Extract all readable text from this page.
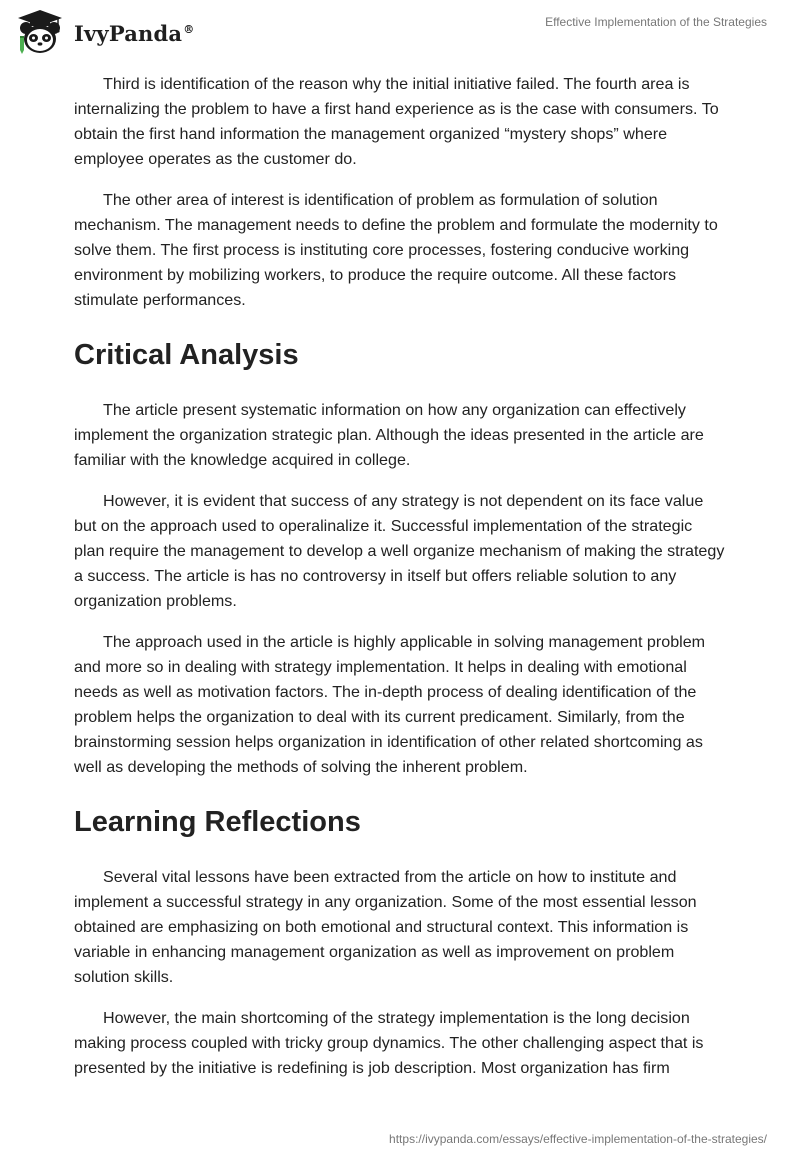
IvyPanda®	Effective Implementation of the Strategies

Third is identification of the reason why the initial initiative failed. The fourth area is internalizing the problem to have a first hand experience as is the case with consumers. To obtain the first hand information the management organized “mystery shops” where employee operates as the customer do.

The other area of interest is identification of problem as formulation of solution mechanism. The management needs to define the problem and formulate the modernity to solve them. The first process is instituting core processes, fostering conducive working environment by mobilizing workers, to produce the require outcome. All these factors stimulate performances.

Critical Analysis

The article present systematic information on how any organization can effectively implement the organization strategic plan. Although the ideas presented in the article are familiar with the knowledge acquired in college.

However, it is evident that success of any strategy is not dependent on its face value but on the approach used to operalinalize it. Successful implementation of the strategic plan require the management to develop a well organize mechanism of making the strategy a success. The article is has no controversy in itself but offers reliable solution to any organization problems.

The approach used in the article is highly applicable in solving management problem and more so in dealing with strategy implementation. It helps in dealing with emotional needs as well as motivation factors. The in-depth process of dealing identification of the problem helps the organization to deal with its current predicament. Similarly, from the brainstorming session helps organization in identification of other related shortcoming as well as developing the methods of solving the inherent problem.

Learning Reflections

Several vital lessons have been extracted from the article on how to institute and implement a successful strategy in any organization. Some of the most essential lesson obtained are emphasizing on both emotional and structural context. This information is variable in enhancing management organization as well as improvement on problem solution skills.

However, the main shortcoming of the strategy implementation is the long decision making process coupled with tricky group dynamics. The other challenging aspect that is presented by the initiative is redefining is job description. Most organization has firm

https://ivypanda.com/essays/effective-implementation-of-the-strategies/
